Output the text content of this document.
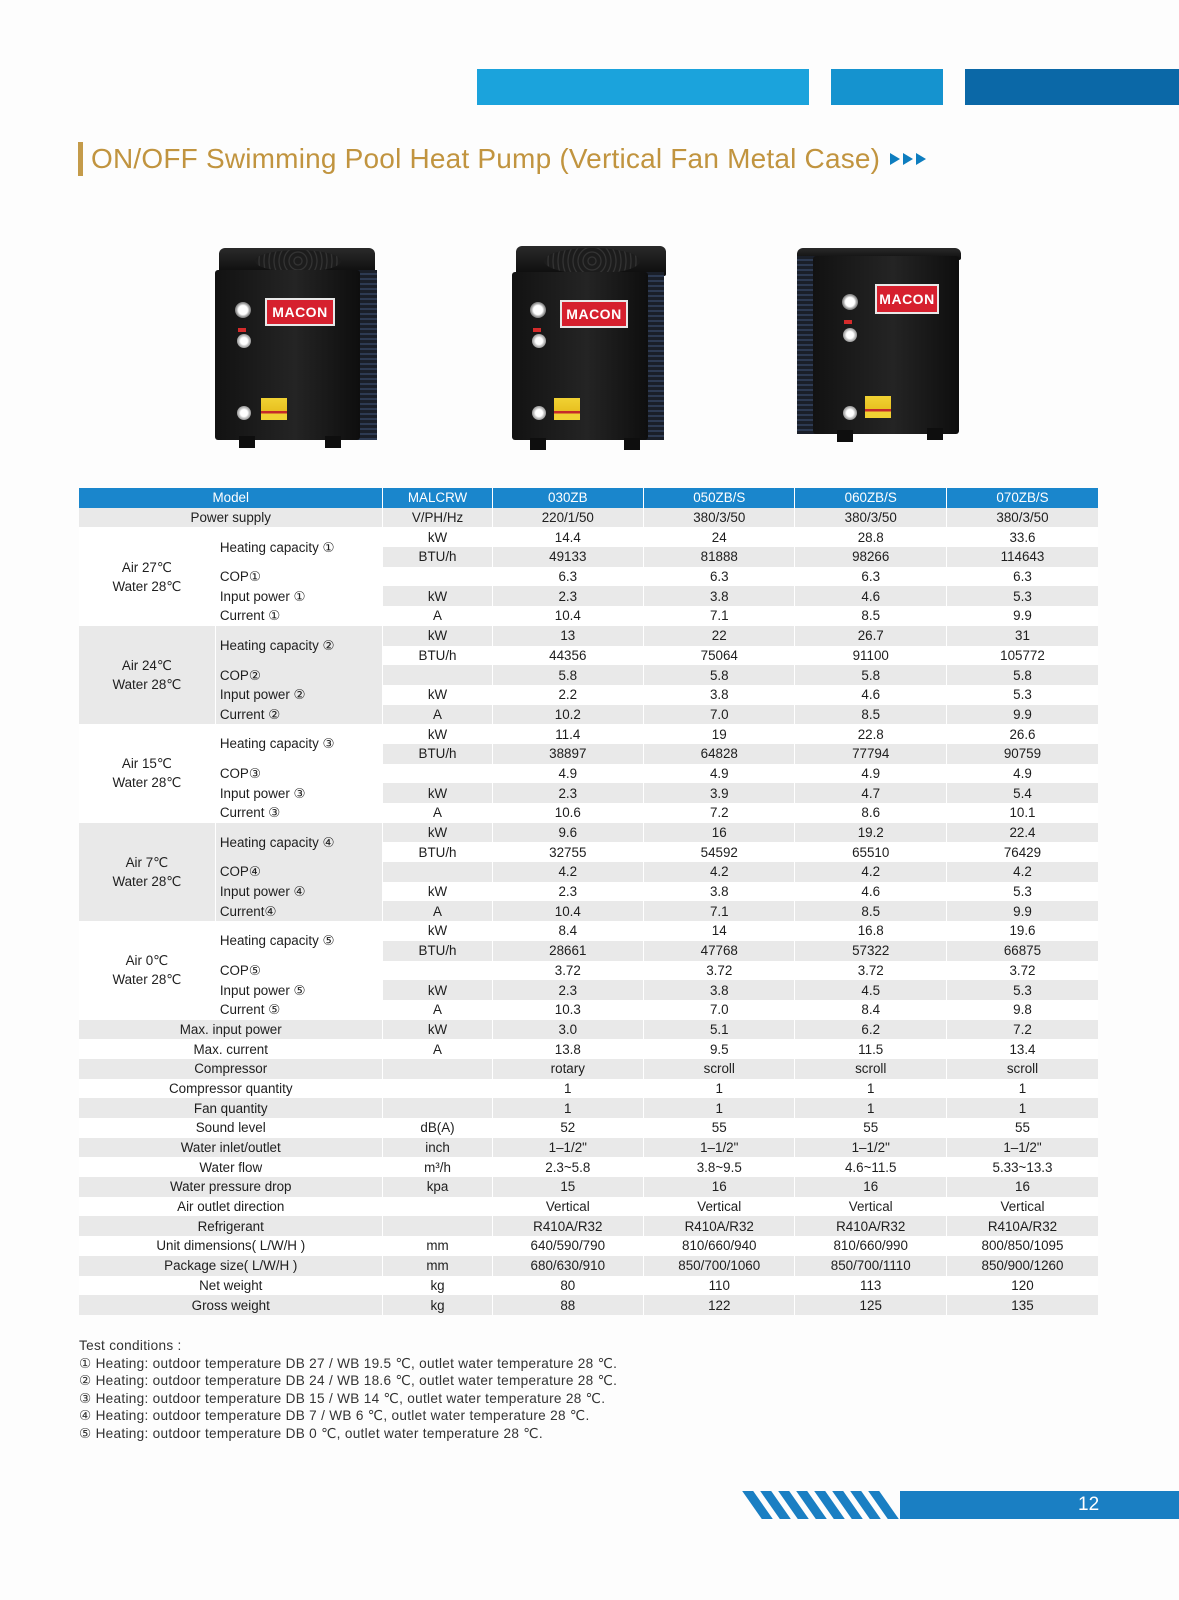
ON/OFF Swimming Pool Heat Pump (Vertical Fan Metal Case)
MACON	MACON
MACON
Model		MALCRW	030ZB	050ZB/S	060ZB/S	070ZB/S
Power supply		V/PH/Hz	220/1/50	380/3/50	380/3/50	380/3/50

Air 27℃
Water 28℃	Heating capacity ①	kW	14.4	24	28.8	33.6
		BTU/h	49133	81888	98266	114643
	COP①		6.3	6.3	6.3	6.3
	Input power ①	kW	2.3	3.8	4.6	5.3
	Current ①	A	10.4	7.1	8.5	9.9

Air 24℃
Water 28℃	Heating capacity ②	kW	13	22	26.7	31
		BTU/h	44356	75064	91100	105772
	COP②		5.8	5.8	5.8	5.8
	Input power ②	kW	2.2	3.8	4.6	5.3
	Current ②	A	10.2	7.0	8.5	9.9

Air 15℃
Water 28℃	Heating capacity ③	kW	11.4	19	22.8	26.6
		BTU/h	38897	64828	77794	90759
	COP③		4.9	4.9	4.9	4.9
	Input power ③	kW	2.3	3.9	4.7	5.4
	Current ③	A	10.6	7.2	8.6	10.1

Air 7℃
Water 28℃	Heating capacity ④	kW	9.6	16	19.2	22.4
		BTU/h	32755	54592	65510	76429
	COP④		4.2	4.2	4.2	4.2
	Input power ④	kW	2.3	3.8	4.6	5.3
	Current④	A	10.4	7.1	8.5	9.9

Air 0℃
Water 28℃	Heating capacity ⑤	kW	8.4	14	16.8	19.6
		BTU/h	28661	47768	57322	66875
	COP⑤		3.72	3.72	3.72	3.72
	Input power ⑤	kW	2.3	3.8	4.5	5.3
	Current ⑤	A	10.3	7.0	8.4	9.8
Max. input power		kW	3.0	5.1	6.2	7.2
Max. current		A	13.8	9.5	11.5	13.4
Compressor			rotary	scroll	scroll	scroll
Compressor quantity			1	1	1	1
Fan quantity			1	1	1	1
Sound level		dB(A)	52	55	55	55
Water inlet/outlet		inch	1–1/2"	1–1/2"	1–1/2"	1–1/2"
Water flow		m³/h	2.3~5.8	3.8~9.5	4.6~11.5	5.33~13.3
Water pressure drop		kpa	15	16	16	16
Air outlet direction			Vertical	Vertical	Vertical	Vertical
Refrigerant			R410A/R32	R410A/R32	R410A/R32	R410A/R32
Unit dimensions( L/W/H )		mm	640/590/790	810/660/940	810/660/990	800/850/1095
Package size( L/W/H )		mm	680/630/910	850/700/1060	850/700/1110	850/900/1260
Net weight		kg	80	110	113	120
Gross weight		kg	88	122	125	135
Test conditions :
① Heating: outdoor temperature DB 27 / WB 19.5 ℃, outlet water temperature 28 ℃.
② Heating: outdoor temperature DB 24 / WB 18.6 ℃, outlet water temperature 28 ℃.
③ Heating: outdoor temperature DB 15 / WB 14 ℃, outlet water temperature 28 ℃.
④ Heating: outdoor temperature DB 7 / WB 6 ℃, outlet water temperature 28 ℃.
⑤ Heating: outdoor temperature DB 0 ℃, outlet water temperature 28 ℃.
12
